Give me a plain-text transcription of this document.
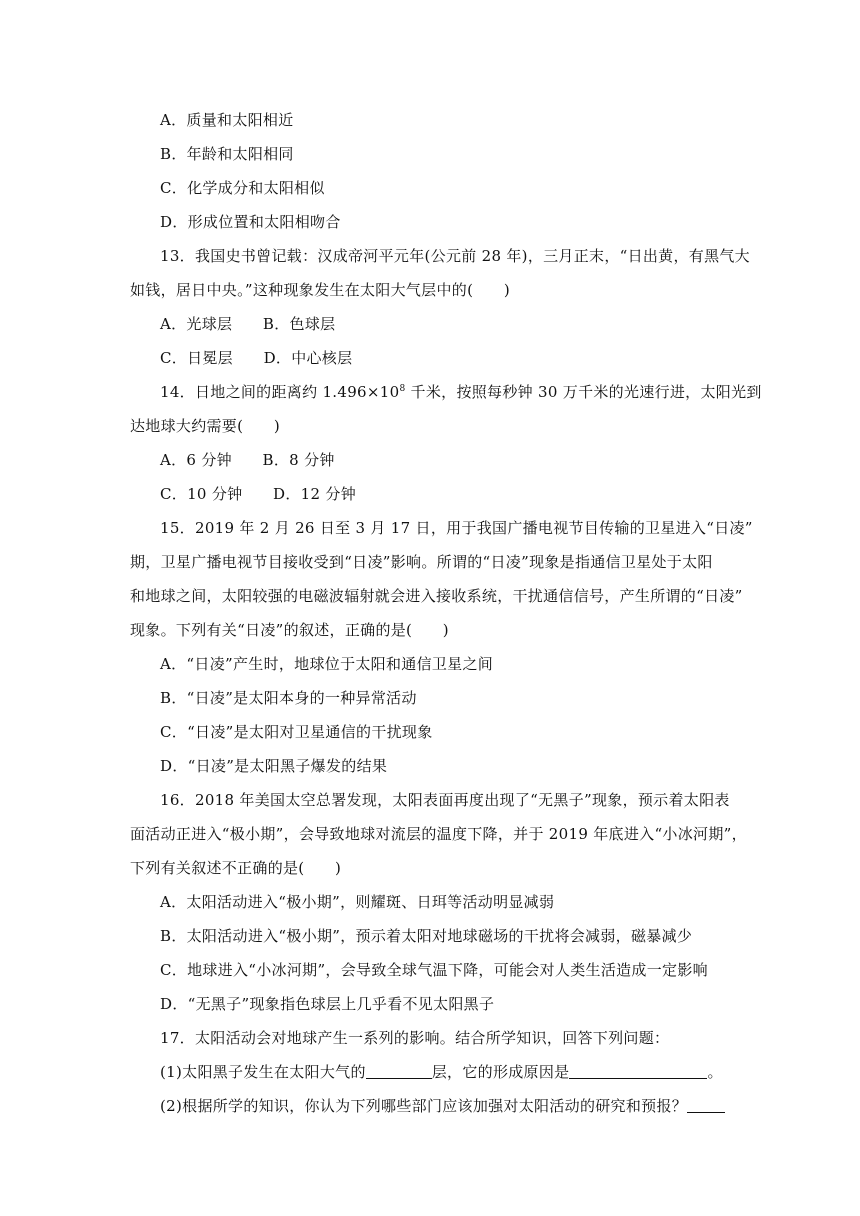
A．质量和太阳相近
B．年龄和太阳相同
C．化学成分和太阳相似
D．形成位置和太阳相吻合
13．我国史书曾记载：汉成帝河平元年(公元前 28 年)，三月正末，“日出黄，有黑气大
如钱，居日中央。”这种现象发生在太阳大气层中的(　　)
A．光球层　　B．色球层
C．日冕层　　D．中心核层
14．日地之间的距离约 $1.496\times 10^8$ 千米，按照每秒钟 30 万千米的光速行进，太阳光到
达地球大约需要(　　)
A．6 分钟　　B．8 分钟
C．10 分钟　　D．12 分钟
15．2019 年 2 月 26 日至 3 月 17 日，用于我国广播电视节目传输的卫星进入“日凌”
期，卫星广播电视节目接收受到“日凌”影响。所谓的“日凌”现象是指通信卫星处于太阳
和地球之间，太阳较强的电磁波辐射就会进入接收系统，干扰通信信号，产生所谓的“日凌”
现象。下列有关“日凌”的叙述，正确的是(　　)
A．“日凌”产生时，地球位于太阳和通信卫星之间
B．“日凌”是太阳本身的一种异常活动
C．“日凌”是太阳对卫星通信的干扰现象
D．“日凌”是太阳黑子爆发的结果
16．2018 年美国太空总署发现，太阳表面再度出现了“无黑子”现象，预示着太阳表
面活动正进入“极小期”，会导致地球对流层的温度下降，并于 2019 年底进入“小冰河期”，
下列有关叙述不正确的是(　　)
A．太阳活动进入“极小期”，则耀斑、日珥等活动明显减弱
B．太阳活动进入“极小期”，预示着太阳对地球磁场的干扰将会减弱，磁暴减少
C．地球进入“小冰河期”，会导致全球气温下降，可能会对人类生活造成一定影响
D．“无黑子”现象指色球层上几乎看不见太阳黑子
17．太阳活动会对地球产生一系列的影响。结合所学知识，回答下列问题：
(1)太阳黑子发生在太阳大气的	层，它的形成原因是	。
(2)根据所学的知识，你认为下列哪些部门应该加强对太阳活动的研究和预报？
